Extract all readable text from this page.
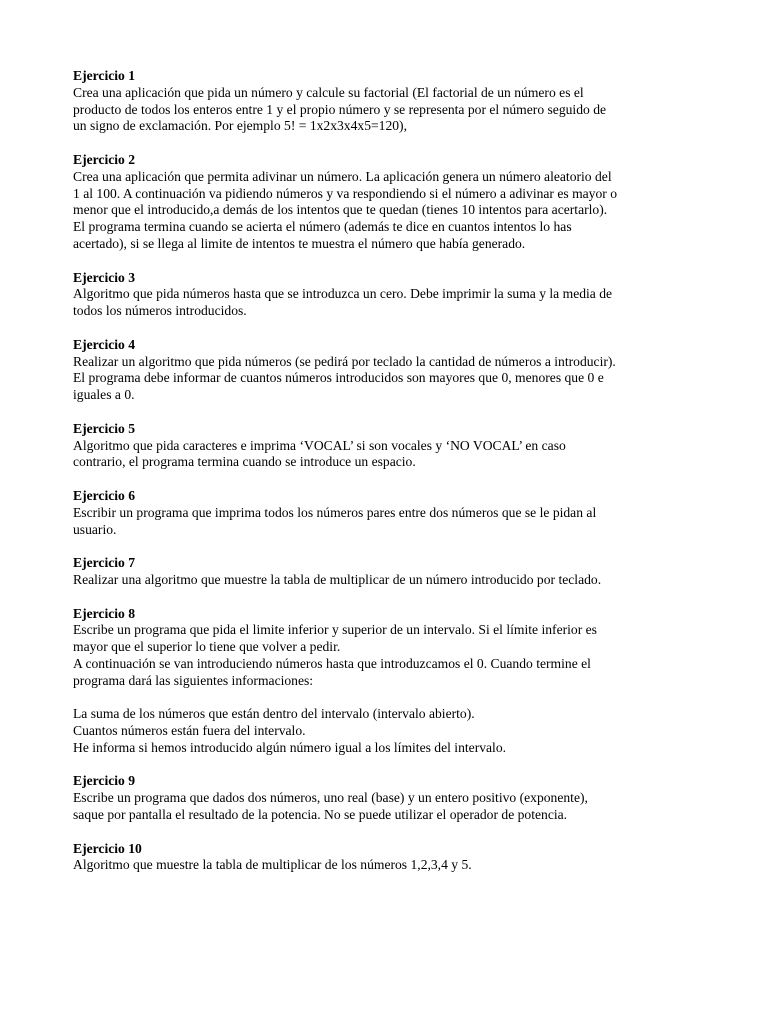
Ejercicio 1
Crea una aplicación que pida un número y calcule su factorial (El factorial de un número es el
producto de todos los enteros entre 1 y el propio número y se representa por el número seguido de
un signo de exclamación. Por ejemplo 5! = 1x2x3x4x5=120),
Ejercicio 2
Crea una aplicación que permita adivinar un número. La aplicación genera un número aleatorio del
1 al 100. A continuación va pidiendo números y va respondiendo si el número a adivinar es mayor o
menor que el introducido,a demás de los intentos que te quedan (tienes 10 intentos para acertarlo).
El programa termina cuando se acierta el número (además te dice en cuantos intentos lo has
acertado), si se llega al limite de intentos te muestra el número que había generado.
Ejercicio 3
Algoritmo que pida números hasta que se introduzca un cero. Debe imprimir la suma y la media de
todos los números introducidos.
Ejercicio 4
Realizar un algoritmo que pida números (se pedirá por teclado la cantidad de números a introducir).
El programa debe informar de cuantos números introducidos son mayores que 0, menores que 0 e
iguales a 0.
Ejercicio 5
Algoritmo que pida caracteres e imprima ‘VOCAL’ si son vocales y ‘NO VOCAL’ en caso
contrario, el programa termina cuando se introduce un espacio.
Ejercicio 6
Escribir un programa que imprima todos los números pares entre dos números que se le pidan al
usuario.
Ejercicio 7
Realizar una algoritmo que muestre la tabla de multiplicar de un número introducido por teclado.
Ejercicio 8
Escribe un programa que pida el limite inferior y superior de un intervalo. Si el límite inferior es
mayor que el superior lo tiene que volver a pedir.
A continuación se van introduciendo números hasta que introduzcamos el 0. Cuando termine el
programa dará las siguientes informaciones:
La suma de los números que están dentro del intervalo (intervalo abierto).
Cuantos números están fuera del intervalo.
He informa si hemos introducido algún número igual a los límites del intervalo.
Ejercicio 9
Escribe un programa que dados dos números, uno real (base) y un entero positivo (exponente),
saque por pantalla el resultado de la potencia. No se puede utilizar el operador de potencia.
Ejercicio 10
Algoritmo que muestre la tabla de multiplicar de los números 1,2,3,4 y 5.
